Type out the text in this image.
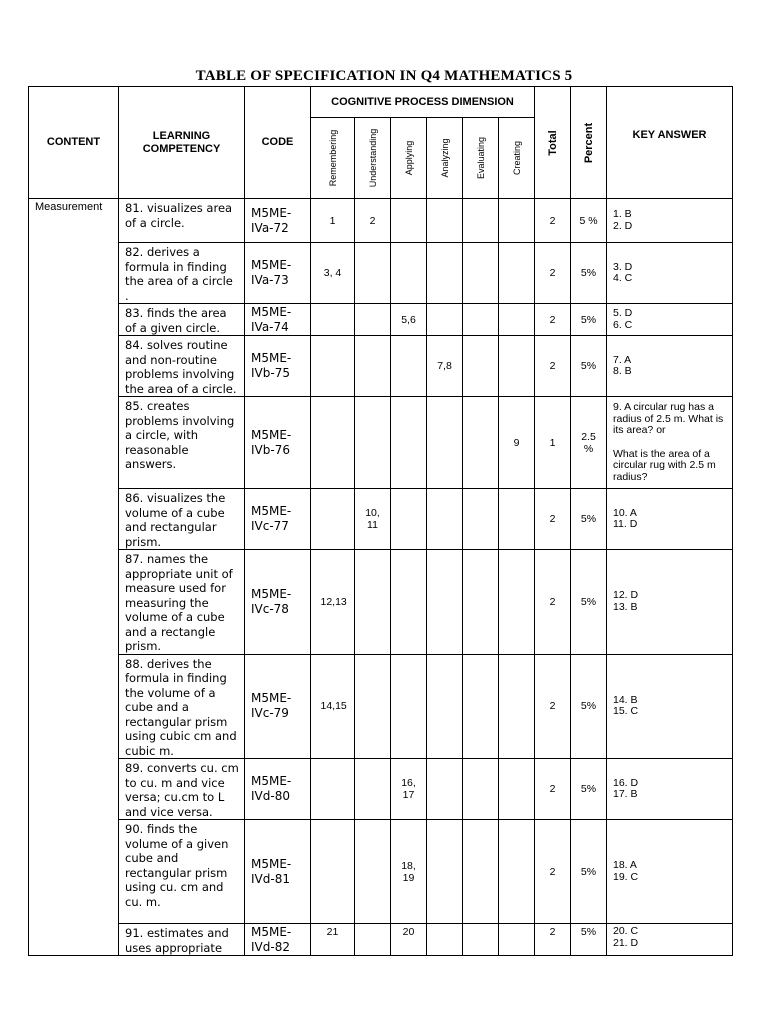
TABLE OF SPECIFICATION IN Q4 MATHEMATICS 5
CONTENT	LEARNING COMPETENCY	CODE	COGNITIVE PROCESS DIMENSION						Total	Percent	KEY ANSWER

			Remembering	Understanding	Applying	Analyzing	Evaluating	Creating			

Measurement	81. visualizes area of a circle.	M5ME-IVa-72	1	2					2	5 %	1. B
2. D

	82. derives a formula in finding the area of a circle .	M5ME-IVa-73	3, 4						2	5%	3. D
4. C

	83. finds the area of a given circle.	M5ME-IVa-74			5,6				2	5%	5. D
6. C

	84. solves routine and non-routine problems involving the area of a circle.	M5ME-IVb-75				7,8			2	5%	7. A
8. B

	85. creates problems involving a circle, with reasonable answers.	M5ME-IVb-76						9	1	2.5 %	9. A circular rug has a radius of 2.5 m. What is its area? or
What is the area of a circular rug with 2.5 m radius?

	86. visualizes the volume of a cube and rectangular prism.	M5ME-IVc-77		10, 11					2	5%	10. A
11. D

	87. names the appropriate unit of measure used for measuring the volume of a cube and a rectangle prism.	M5ME-IVc-78	12,13						2	5%	12. D
13. B

	88. derives the formula in finding the volume of a cube and a rectangular prism using cubic cm and cubic m.	M5ME-IVc-79	14,15						2	5%	14. B
15. C

	89. converts cu. cm to cu. m and vice versa; cu.cm to L and vice versa.	M5ME-IVd-80			16, 17				2	5%	16. D
17. B

	90. finds the volume of a given cube and rectangular prism using cu. cm and cu. m.	M5ME-IVd-81			18, 19				2	5%	18. A
19. C

	91. estimates and uses appropriate	M5ME-IVd-82	21		20				2	5%	20. C
21. D
